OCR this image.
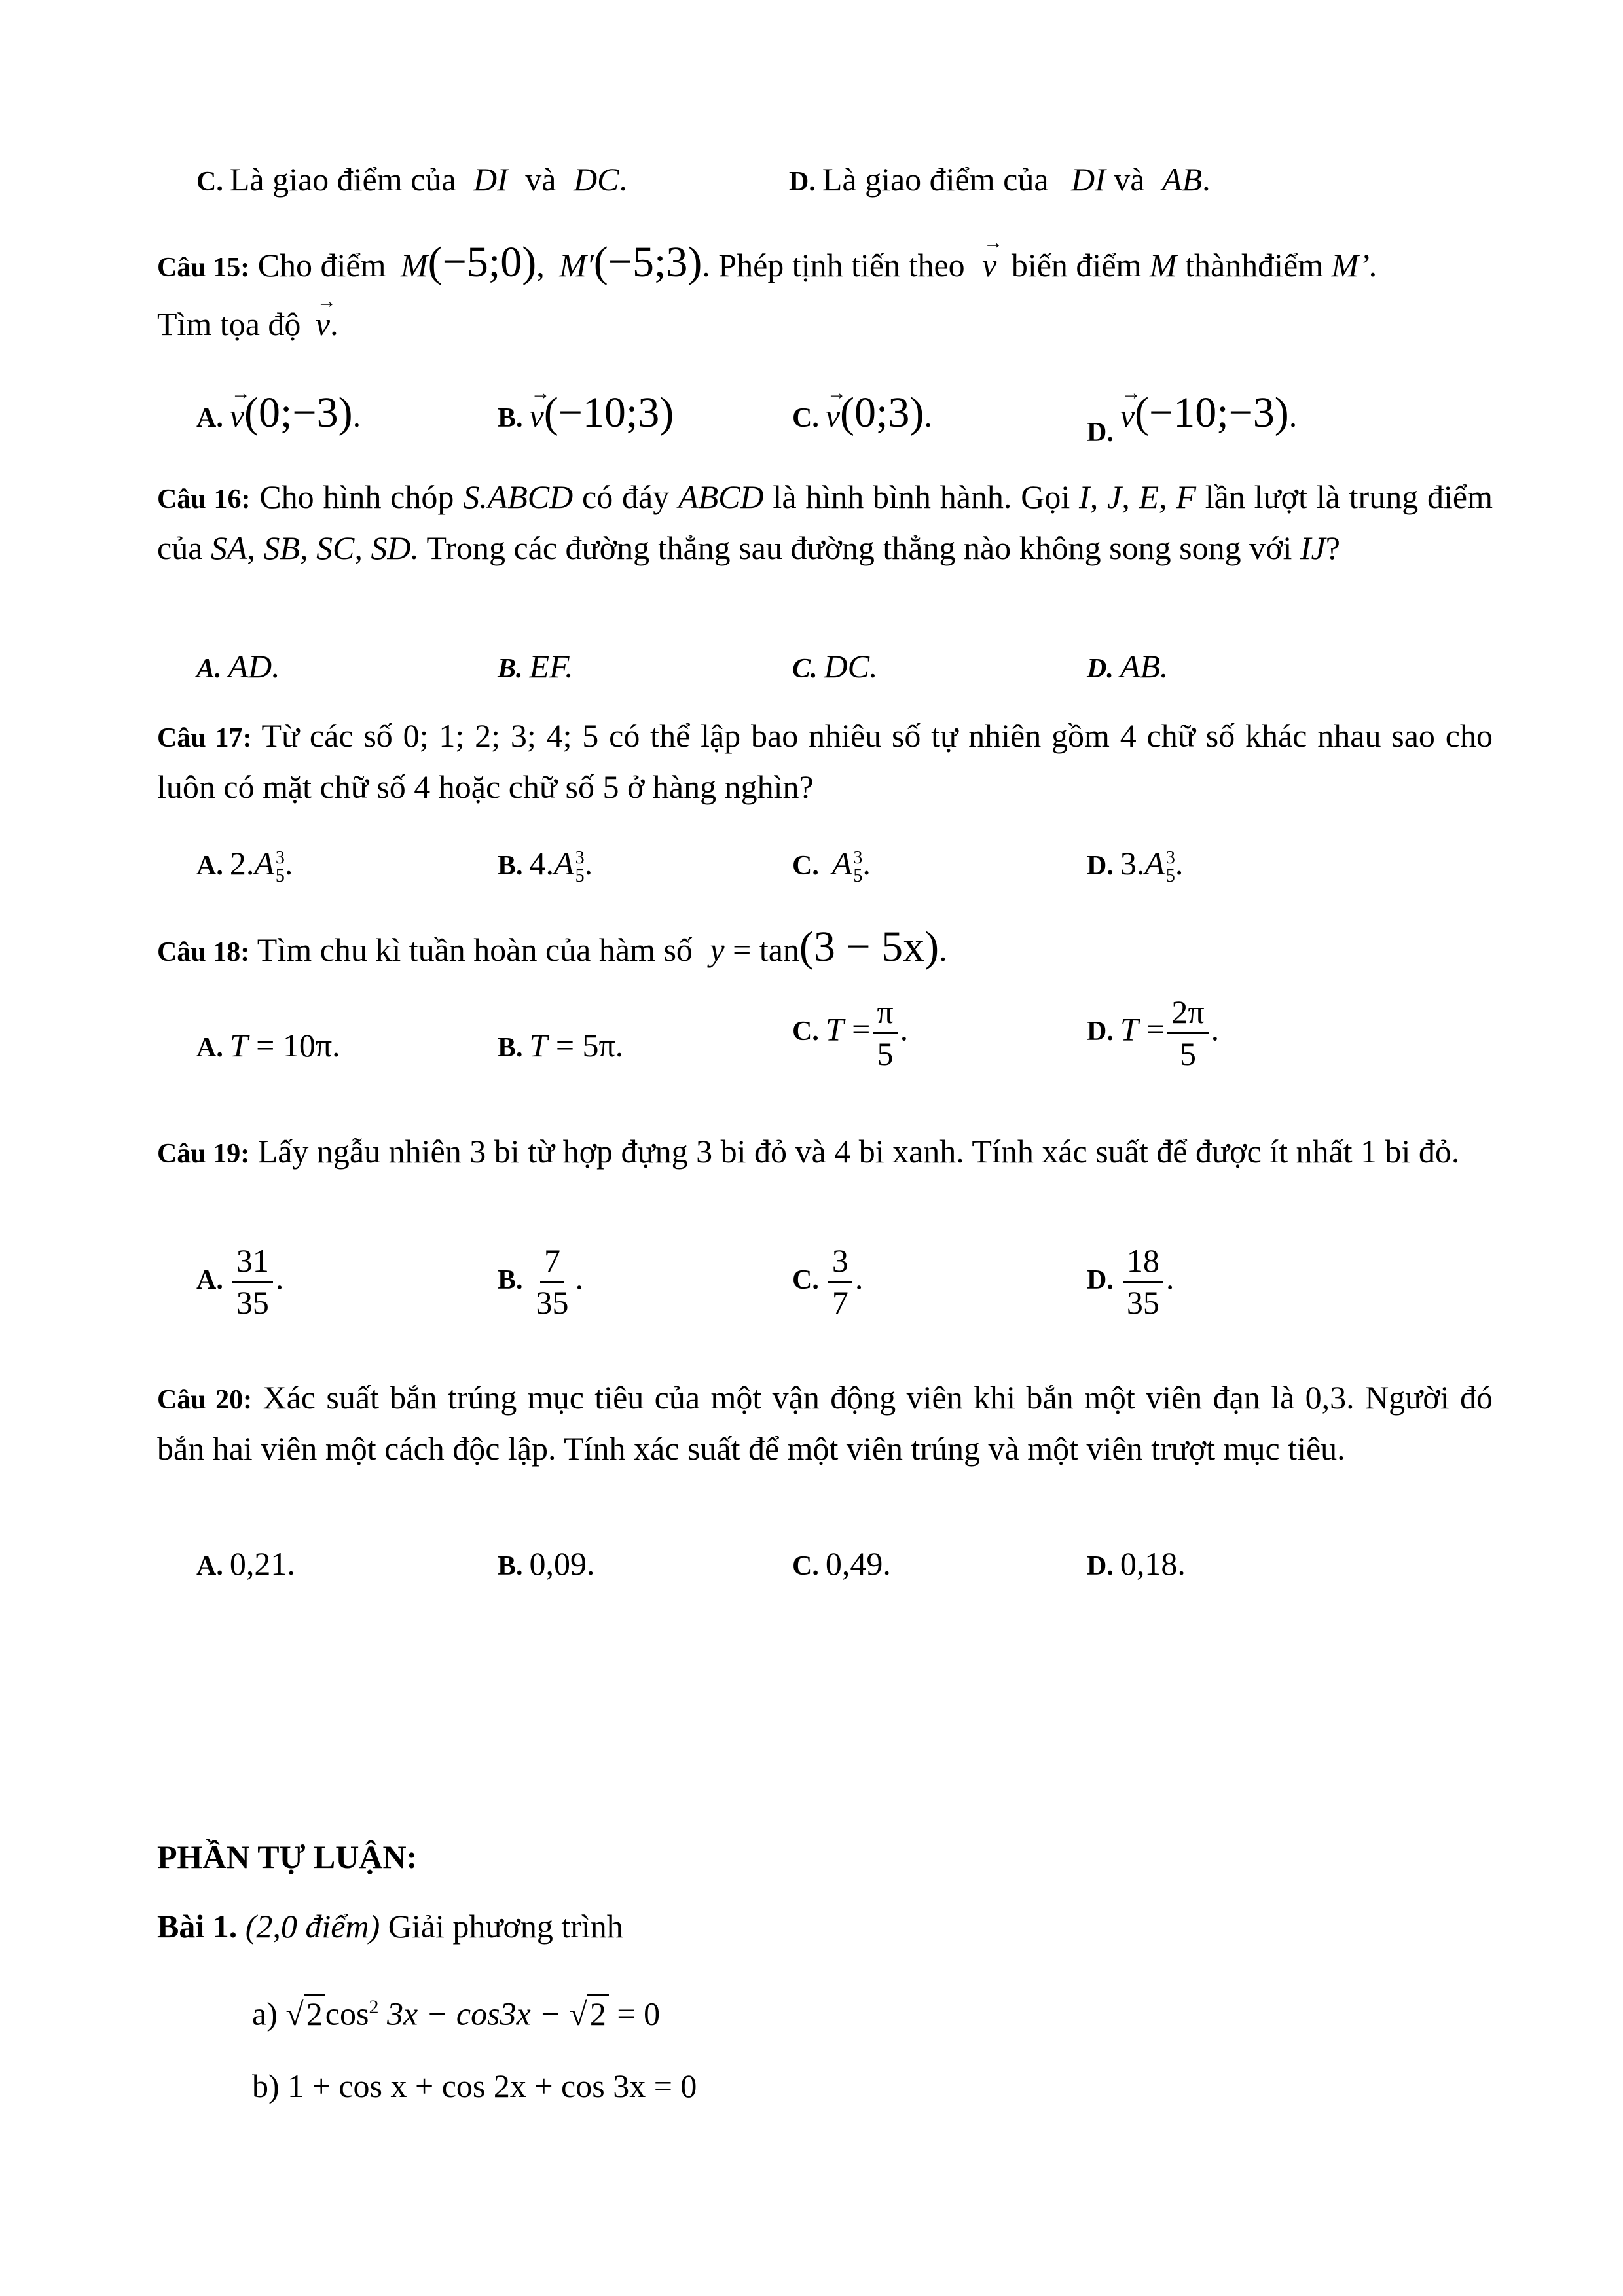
C. Là giao điểm của DI và DC.	D. Là giao điểm của DI và AB.
Câu 15: Cho điểm M(−5;0), M′(−5;3). Phép tịnh tiến theo → v biến điểm M thànhđiểm M’.
Tìm tọa độ → v.
A. → v(0;−3).	B. → v(−10;3)	C. → v(0;3).	$_{D.}$ → v(−10;−3).
Câu 16: Cho hình chóp S.ABCD có đáy ABCD là hình bình hành. Gọi I, J, E, F lần lượt là trung điểm của SA, SB, SC, SD. Trong các đường thẳng sau đường thẳng nào không song song với IJ?
A. AD.	B. EF.	C. DC.	D. AB.
Câu 17: Từ các số 0; 1; 2; 3; 4; 5 có thể lập bao nhiêu số tự nhiên gồm 4 chữ số khác nhau sao cho luôn có mặt chữ số 4 hoặc chữ số 5 ở hàng nghìn?
A. 2.A 3
5 .	B. 4.A 3
5 .	C. A 3
5 .	D. 3.A 3
5 .
Câu 18: Tìm chu kì tuần hoàn của hàm số y = tan(3 − 5x).
A. T = 10π.	B. T = 5π.	C. $T = \frac{\pi}{5}$ .	D. $T = \frac{2\pi}{5}$ .
Câu 19: Lấy ngẫu nhiên 3 bi từ hợp đựng 3 bi đỏ và 4 bi xanh. Tính xác suất để được ít nhất 1 bi đỏ.
A. $\frac{31}{35}$ .	B. $\frac{7}{35}$ .	C. $\frac{3}{7}$ .	D. $\frac{18}{35}$ .
Câu 20: Xác suất bắn trúng mục tiêu của một vận động viên khi bắn một viên đạn là 0,3. Người đó bắn hai viên một cách độc lập. Tính xác suất để một viên trúng và một viên trượt mục tiêu.
A. 0,21.	B. 0,09.	C. 0,49.	D. 0,18.
PHẦN TỰ LUẬN:
Bài 1. (2,0 điểm) Giải phương trình
a) $√2\cos^2$ 3x − cos3x − √2 = 0
b) 1 + cos x + cos 2x + cos 3x = 0
